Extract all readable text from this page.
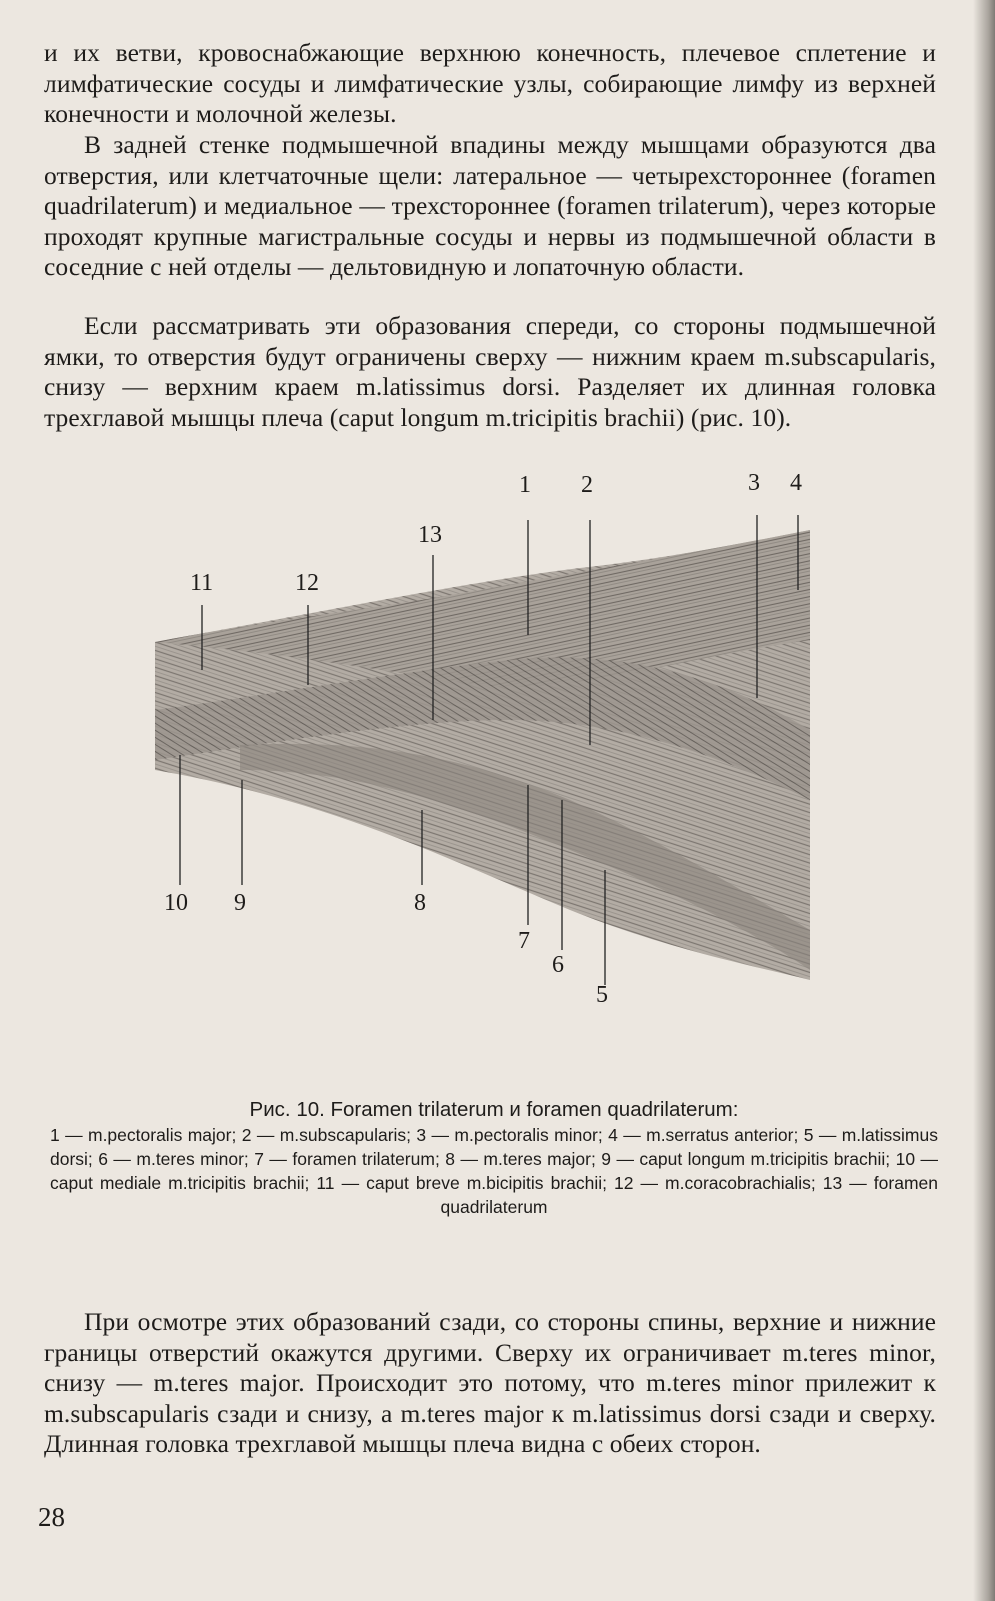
и их ветви, кровоснабжающие верхнюю конечность, плечевое сплетение и лимфатические сосуды и лимфатические узлы, собирающие лимфу из верхней конечности и молочной железы.

В задней стенке подмышечной впадины между мышцами образуются два отверстия, или клетчаточные щели: латеральное — четырехстороннее (foramen quadrilaterum) и медиальное — трехстороннее (foramen trilaterum), через которые проходят крупные магистральные сосуды и нервы из подмышечной области в соседние с ней отделы — дельтовидную и лопаточную области.

Если рассматривать эти образования спереди, со стороны подмышечной ямки, то отверстия будут ограничены сверху — нижним краем m.subscapularis, снизу — верхним краем m.latissimus dorsi. Разделяет их длинная головка трехглавой мышцы плеча (caput longum m.tricipitis brachii) (рис. 10).

1 2	3 4
5
6
7
8
9
10
11	12
13
Рис. 10. Foramen trilaterum и foramen quadrilaterum:
1 — m.pectoralis major; 2 — m.subscapularis; 3 — m.pectoralis minor; 4 — m.serratus anterior; 5 — m.latissimus dorsi; 6 — m.teres minor; 7 — foramen trilaterum; 8 — m.teres major; 9 — caput longum m.tricipitis brachii; 10 — caput mediale m.tricipitis brachii; 11 — caput breve m.bicipitis brachii; 12 — m.coracobrachialis; 13 — foramen quadrilaterum

При осмотре этих образований сзади, со стороны спины, верхние и нижние границы отверстий окажутся другими. Сверху их ограничивает m.teres minor, снизу — m.teres major. Происходит это потому, что m.teres minor прилежит к m.subscapularis сзади и снизу, а m.teres major к m.latissimus dorsi сзади и сверху. Длинная головка трехглавой мышцы плеча видна с обеих сторон.

28
